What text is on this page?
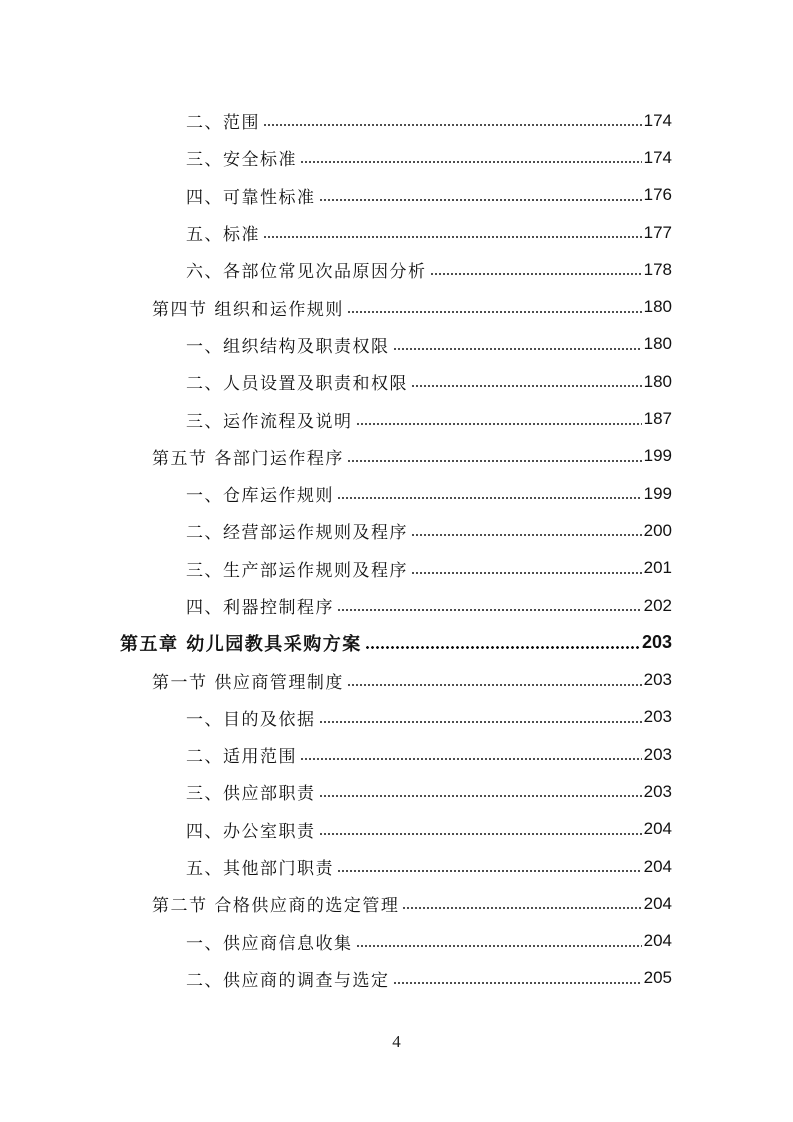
二、范围	174
三、安全标准	174
四、可靠性标准	176
五、标准	177
六、各部位常见次品原因分析	178
第四节 组织和运作规则	180
一、组织结构及职责权限	180
二、人员设置及职责和权限	180
三、运作流程及说明	187
第五节 各部门运作程序	199
一、仓库运作规则	199
二、经营部运作规则及程序	200
三、生产部运作规则及程序	201
四、利器控制程序	202
第五章 幼儿园教具采购方案	203
第一节 供应商管理制度	203
一、目的及依据	203
二、适用范围	203
三、供应部职责	203
四、办公室职责	204
五、其他部门职责	204
第二节 合格供应商的选定管理	204
一、供应商信息收集	204
二、供应商的调查与选定	205
4
